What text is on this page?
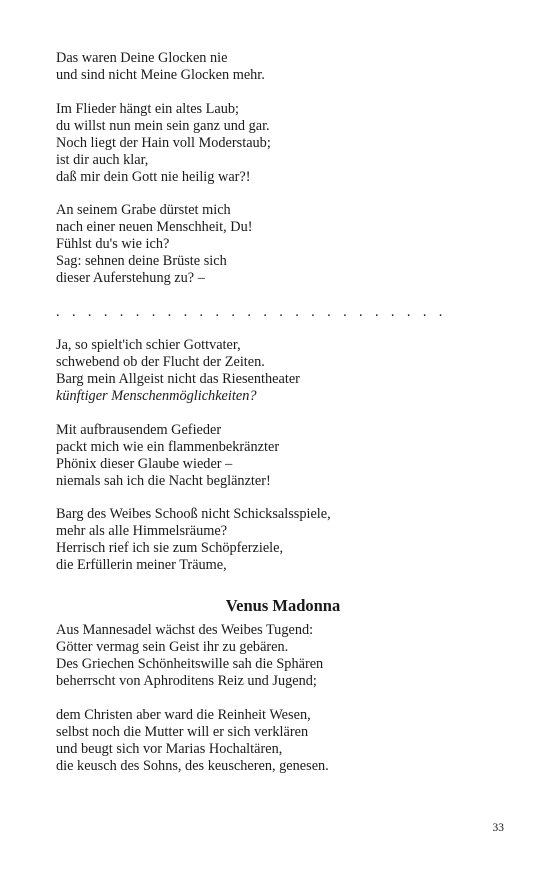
Das waren Deine Glocken nie
und sind nicht Meine Glocken mehr.
Im Flieder hängt ein altes Laub;
du willst nun mein sein ganz und gar.
Noch liegt der Hain voll Moderstaub;
ist dir auch klar,
daß mir dein Gott nie heilig war?!
An seinem Grabe dürstet mich
nach einer neuen Menschheit, Du!
Fühlst du's wie ich?
Sag: sehnen deine Brüste sich
dieser Auferstehung zu? –
. . . . . . . . . . . . . . . . . . . . . . . . .
Ja, so spielt'ich schier Gottvater,
schwebend ob der Flucht der Zeiten.
Barg mein Allgeist nicht das Riesentheater
künftiger Menschenmöglichkeiten?
Mit aufbrausendem Gefieder
packt mich wie ein flammenbekränzter
Phönix dieser Glaube wieder –
niemals sah ich die Nacht beglänzter!
Barg des Weibes Schooß nicht Schicksalsspiele,
mehr als alle Himmelsräume?
Herrisch rief ich sie zum Schöpferziele,
die Erfüllerin meiner Träume,
Venus Madonna
Aus Mannesadel wächst des Weibes Tugend:
Götter vermag sein Geist ihr zu gebären.
Des Griechen Schönheitswille sah die Sphären
beherrscht von Aphroditens Reiz und Jugend;
dem Christen aber ward die Reinheit Wesen,
selbst noch die Mutter will er sich verklären
und beugt sich vor Marias Hochaltären,
die keusch des Sohns, des keuscheren, genesen.
33
